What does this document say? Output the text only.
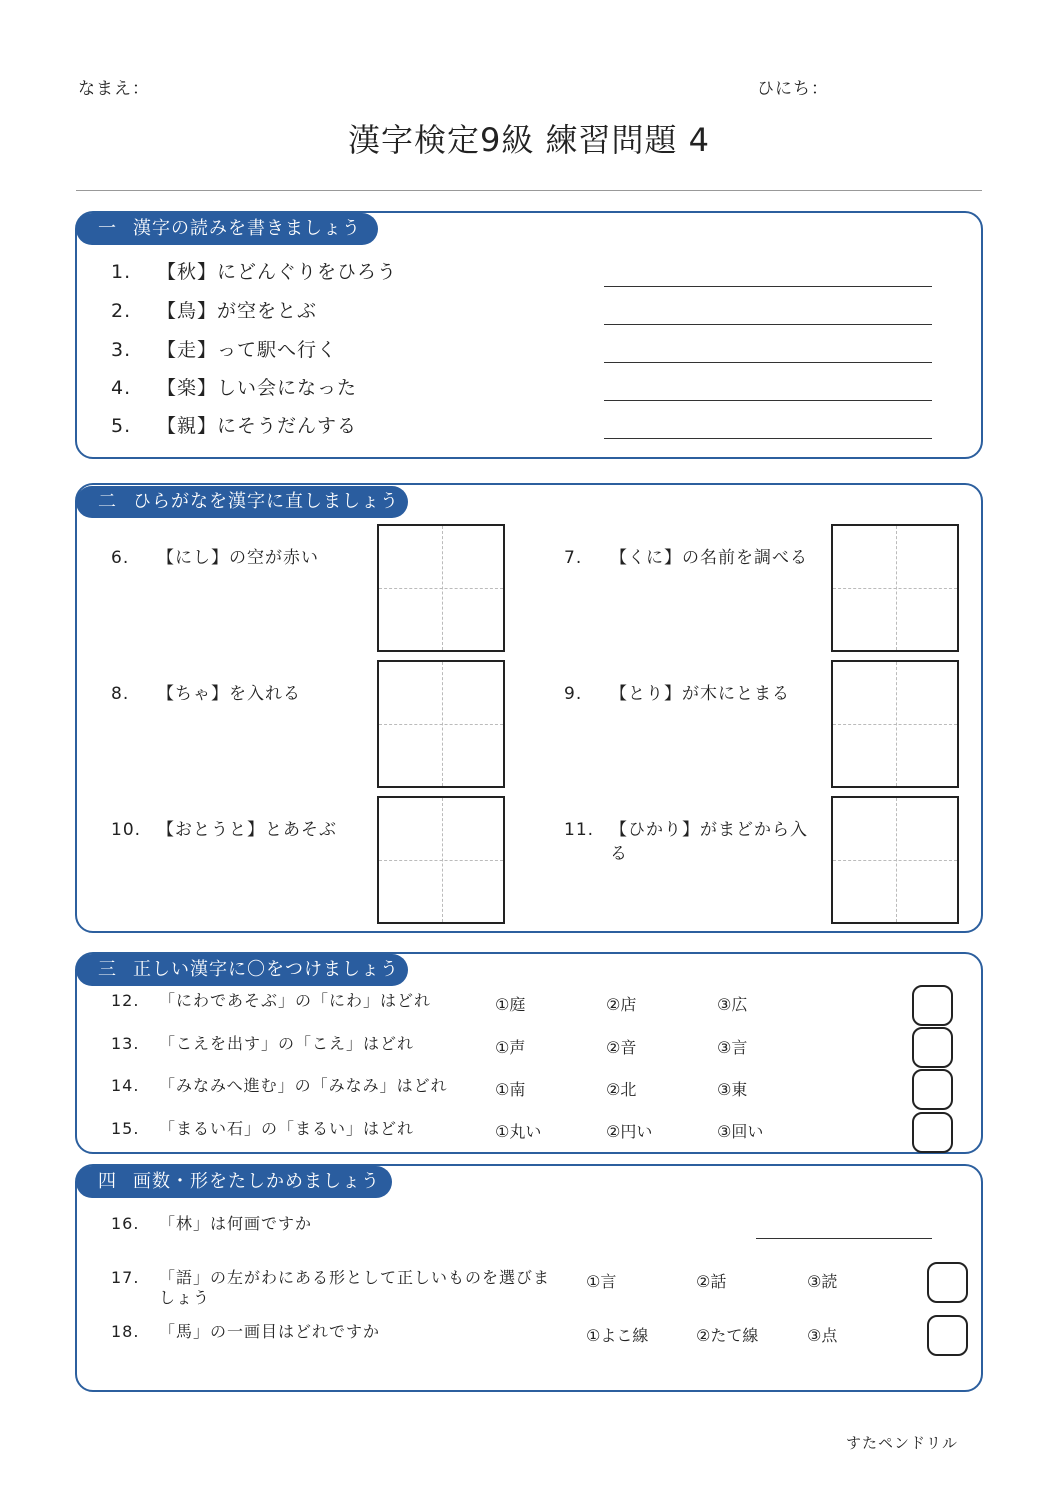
なまえ：	ひにち：
漢字検定9級 練習問題 4
一 漢字の読みを書きましょう
1. 【秋】にどんぐりをひろう
2. 【鳥】が空をとぶ
3. 【走】って駅へ行く
4. 【楽】しい会になった
5. 【親】にそうだんする
二 ひらがなを漢字に直しましょう
6. 【にし】の空が赤い	7. 【くに】の名前を調べる
8. 【ちゃ】を入れる	9. 【とり】が木にとまる
10. 【おとうと】とあそぶ	11. 【ひかり】がまどから入る
三 正しい漢字に〇をつけましょう
12. 「にわであそぶ」の「にわ」はどれ	①庭	②店	③広
13. 「こえを出す」の「こえ」はどれ	①声	②音	③言
14. 「みなみへ進む」の「みなみ」はどれ	①南	②北	③東
15. 「まるい石」の「まるい」はどれ	①丸い	②円い	③回い
四 画数・形をたしかめましょう
16. 「林」は何画ですか
17. 「語」の左がわにある形として正しいものを選びましょう
①言	②話	③読
18. 「馬」の一画目はどれですか	①よこ線	②たて線	③点
すたペンドリル
